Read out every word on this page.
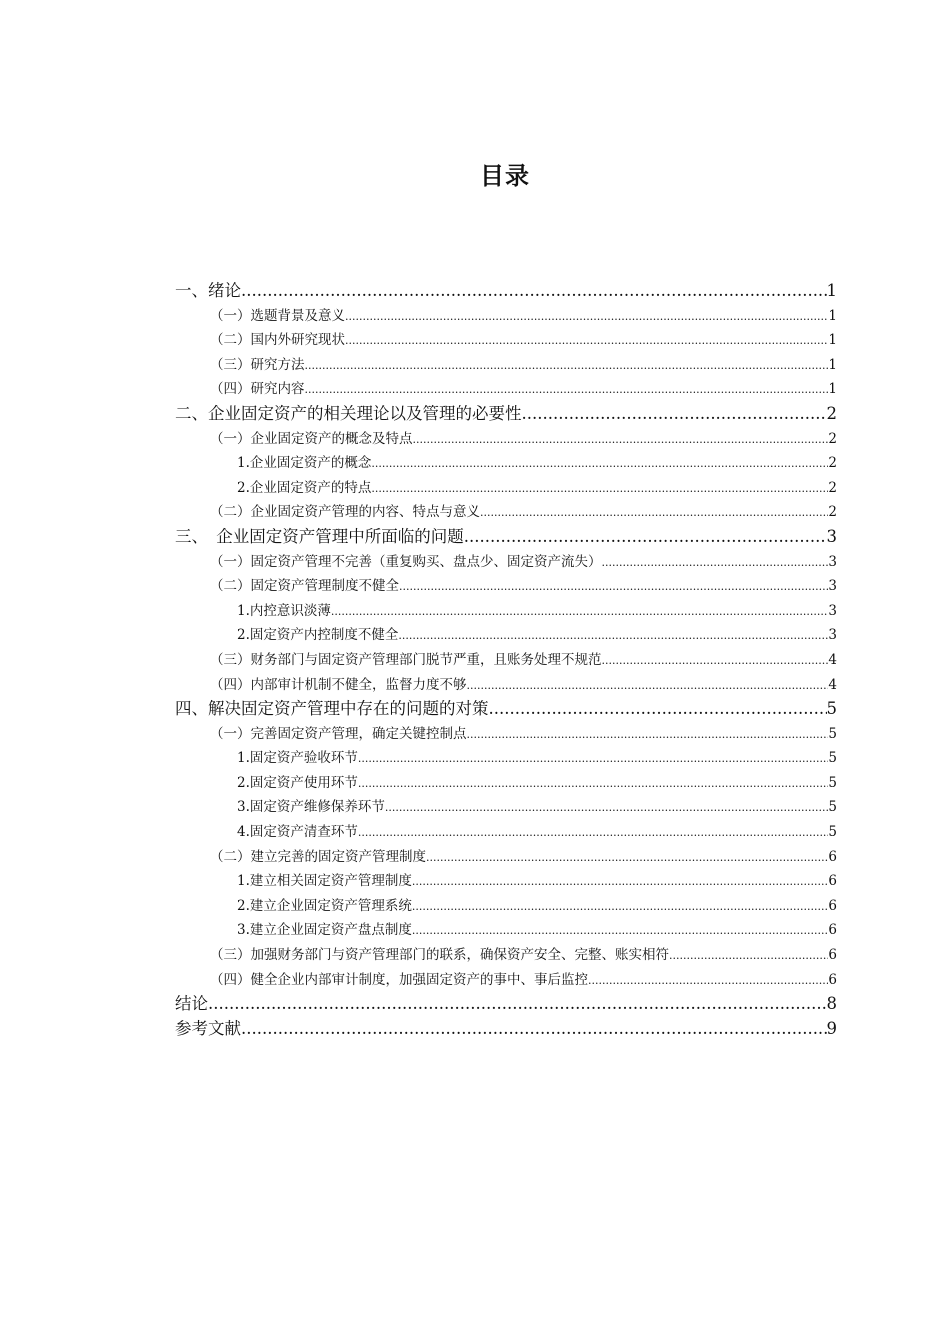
目录
一、绪论 .....	1
（一）选题背景及意义 .....	1
（二）国内外研究现状 .....	1
（三）研究方法 .....	1
（四）研究内容 .....	1
二、企业固定资产的相关理论以及管理的必要性 .....	2
（一）企业固定资产的概念及特点 .....	2
1.企业固定资产的概念 .....	2
2.企业固定资产的特点 .....	2
（二）企业固定资产管理的内容、特点与意义 .....	2
三、　企业固定资产管理中所面临的问题 .....	3
（一）固定资产管理不完善（重复购买、盘点少、固定资产流失） .....	3
（二）固定资产管理制度不健全 .....	3
1.内控意识淡薄 .....	3
2.固定资产内控制度不健全 .....	3
（三）财务部门与固定资产管理部门脱节严重，且账务处理不规范 .....	4
（四）内部审计机制不健全，监督力度不够 .....	4
四、解决固定资产管理中存在的问题的对策 .....	5
（一）完善固定资产管理，确定关键控制点 .....	5
1.固定资产验收环节 .....	5
2.固定资产使用环节 .....	5
3.固定资产维修保养环节 .....	5
4.固定资产清查环节 .....	5
（二）建立完善的固定资产管理制度 .....	6
1.建立相关固定资产管理制度 .....	6
2.建立企业固定资产管理系统 .....	6
3.建立企业固定资产盘点制度 .....	6
（三）加强财务部门与资产管理部门的联系，确保资产安全、完整、账实相符 .....	6
（四）健全企业内部审计制度，加强固定资产的事中、事后监控 .....	6
结论 .....	8
参考文献 .....	9
